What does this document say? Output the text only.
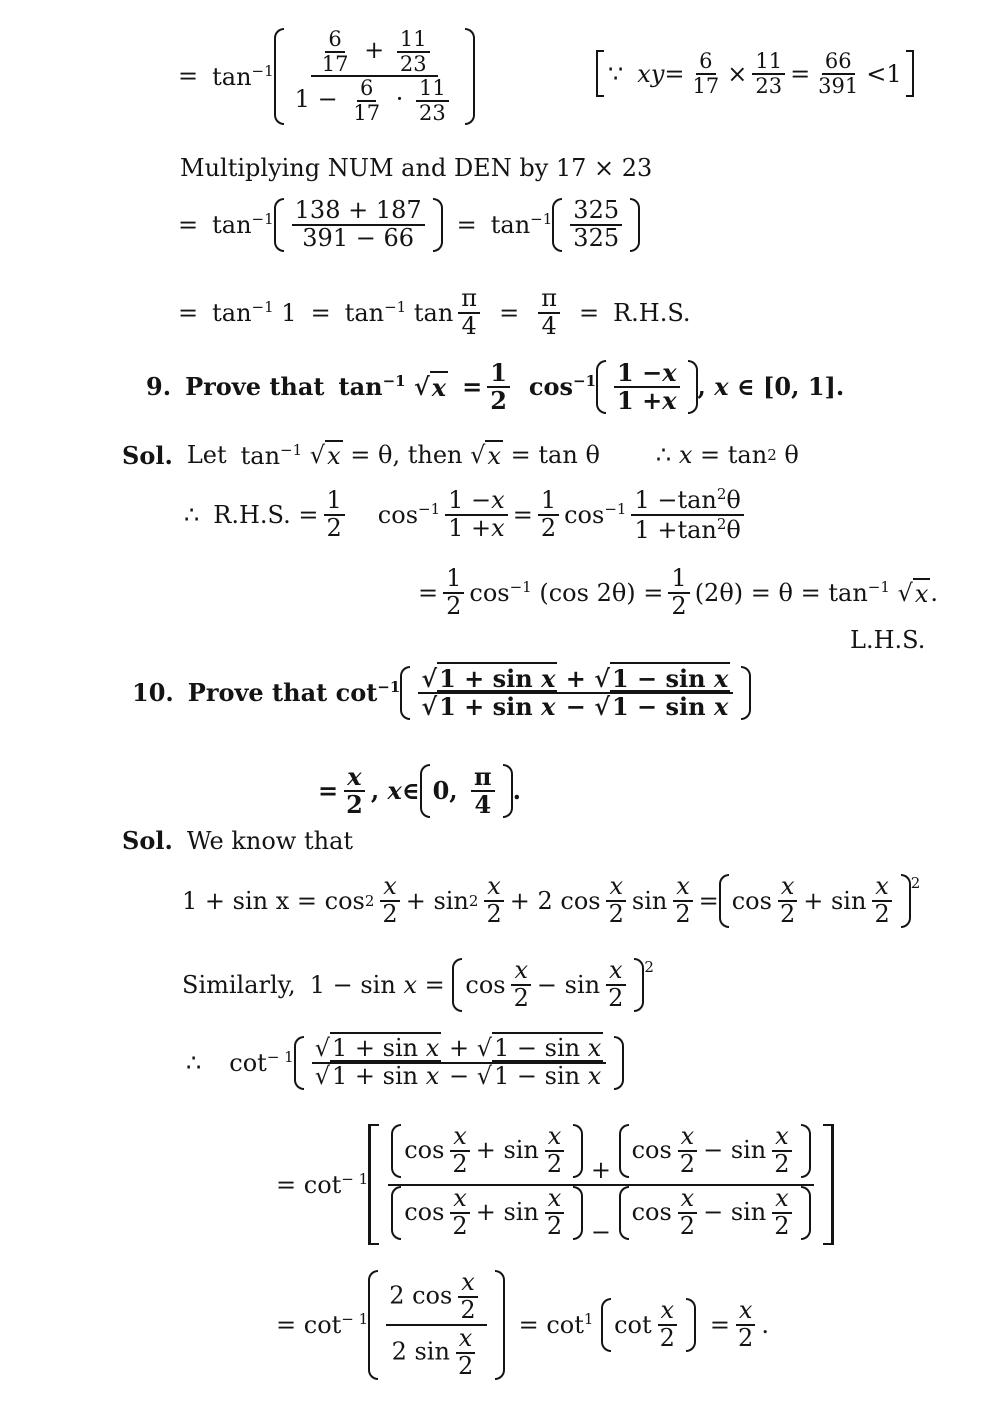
= $\tan^{-1} \frac{\frac{6}{17} + \frac{11}{23}}{1 - \frac{6}{17} \cdot \frac{11}{23}}$	∵ xy = $\frac{6}{17} \times \frac{11}{23} = \frac{66}{391} < 1$
Multiplying NUM and DEN by 17 × 23
= $\tan^{-1} \frac{138 + 187}{391 - 66} = \tan^{-1} \frac{325}{325}$
= $\tan^{-1}$
$1 = \tan^{-1}$
$\tan \frac{\pi}{4} = \frac{\pi}{4} = R.H.S$.
9. Prove that $\tan^{-1}$
√ $x = \frac{1}{2} \cos^{-1} \frac{1 -x}{1 +x}$ ,
x
∈
[0, 1].
Sol. Let $\tan^{-1}$
√ x
=
θ , then
√ x
=
tan
θ ∴
x
=
tan 2
θ
∴ R.H.S.
= $\frac{1}{2} \cos^{-1} \frac{1 -x}{1 +x} = \frac{1}{2} \cos^{-1} \frac{1 -\tan^2\theta}{1 +\tan^2\theta}$
= $\frac{1}{2} \cos^{-1}$
(cos 2θ)
= $\frac{1}{2} (2\theta)$
=
θ
=
$\tan^{-1}$
√ x .
L.H.S.
10. Prove that
$\cot^{-1} \frac{\text{√1 + sin x + √1 − sin x}}{\text{√1 + sin x − √1 − sin x}}$
= $\frac{x}{2}$ ,
x ∈ 0,
$\frac{\pi}{4}$ .
Sol. We know that
1 + sin x
=
$\cos 2 \frac{x}{2}$ +
$\sin 2 \frac{x}{2}$ +
2
$\cos \frac{x}{2}$ $\sin \frac{x}{2} = \cos \frac{x}{2}$ +
$\sin \frac{x}{2} 2$
Similarly, 1
−
sin
x
=
$\cos \frac{x}{2}$ −
$\sin \frac{x}{2} 2$
∴ $\cot^{- 1} \frac{\text{√1 + sin x + √1 − sin x}}{\text{√1 + sin x − √1 − sin x}}$
=
$\cot^{- 1} \cos \frac{x}{2}$ +
$\sin \frac{x}{2}$ +
$\cos \frac{x}{2}$ −
$\sin \frac{x}{2}$
$\cos \frac{x}{2}$ +
$\sin \frac{x}{2}$ −
$\cos \frac{x}{2}$ −
$\sin \frac{x}{2}$
=
$\cot^{- 1} \frac{2 \cos \frac{x}{2}}{2 \sin \frac{x}{2}}$ =
$\cot^1$
$\cot \frac{x}{2} = \frac{x}{2}$ .
